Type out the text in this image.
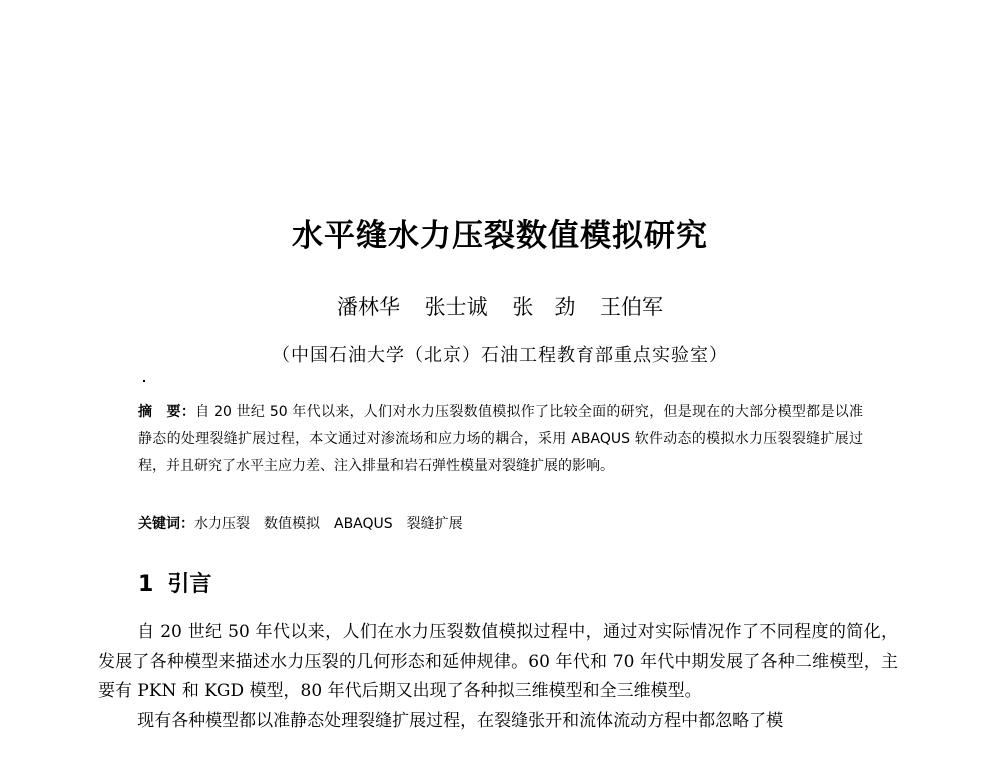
水平缝水力压裂数值模拟研究
潘林华 张士诚 张　劲 王伯军
（中国石油大学（北京）石油工程教育部重点实验室）
摘　要：自 20 世纪 50 年代以来，人们对水力压裂数值模拟作了比较全面的研究，但是现在的大部分模型都是以准静态的处理裂缝扩展过程，本文通过对渗流场和应力场的耦合，采用 ABAQUS 软件动态的模拟水力压裂裂缝扩展过程，并且研究了水平主应力差、注入排量和岩石弹性模量对裂缝扩展的影响。
关键词：水力压裂 数值模拟 ABAQUS 裂缝扩展
1 引言

自 20 世纪 50 年代以来，人们在水力压裂数值模拟过程中，通过对实际情况作了不同程度的简化，发展了各种模型来描述水力压裂的几何形态和延伸规律。60 年代和 70 年代中期发展了各种二维模型，主要有 PKN 和 KGD 模型，80 年代后期又出现了各种拟三维模型和全三维模型。

现有各种模型都以准静态处理裂缝扩展过程，在裂缝张开和流体流动方程中都忽略了模
